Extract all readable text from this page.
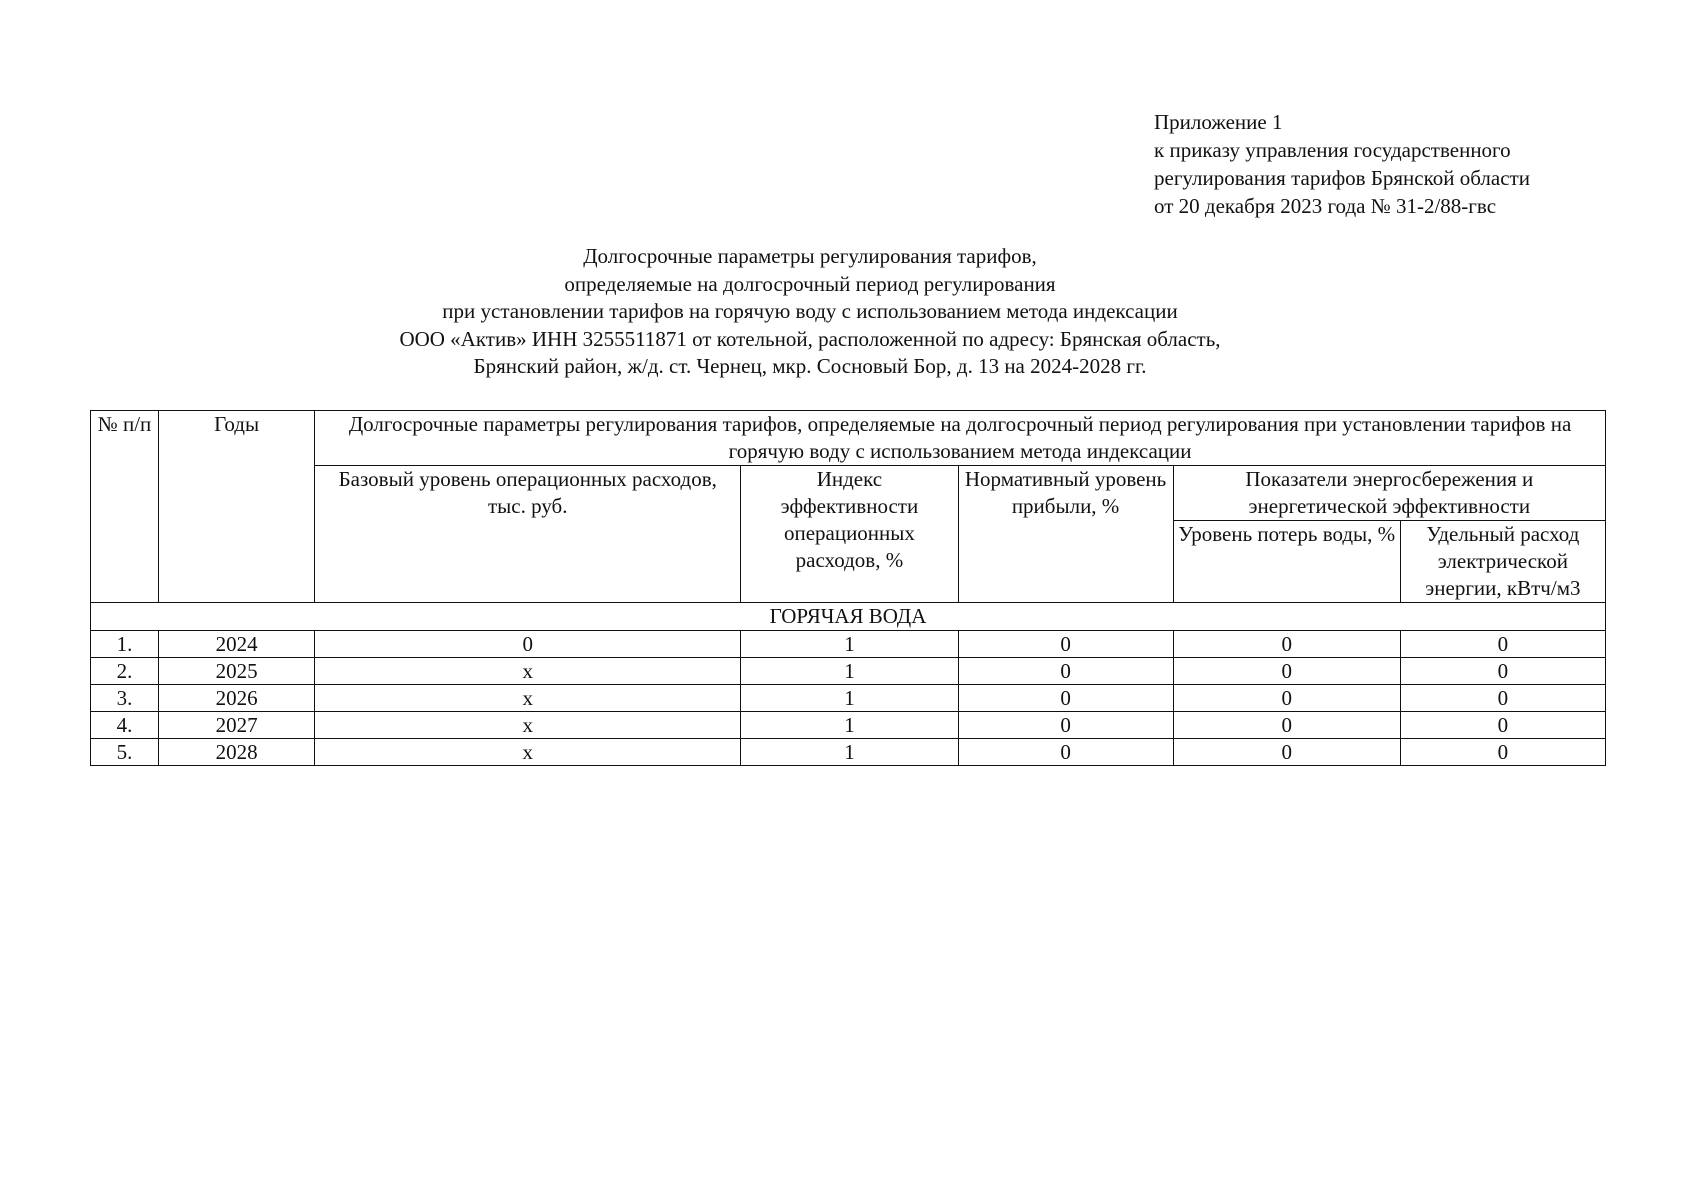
Приложение 1
к приказу управления государственного
регулирования тарифов Брянской области
от 20 декабря 2023 года № 31-2/88-гвс
Долгосрочные параметры регулирования тарифов,
определяемые на долгосрочный период регулирования
при установлении тарифов на горячую воду с использованием метода индексации
ООО «Актив» ИНН 3255511871 от котельной, расположенной по адресу: Брянская область,
Брянский район, ж/д. ст. Чернец, мкр. Сосновый Бор, д. 13 на 2024-2028 гг.
№ п/п	Годы	Долгосрочные параметры регулирования тарифов, определяемые на долгосрочный период регулирования при установлении тарифов на горячую воду с использованием метода индексации				
		Базовый уровень операционных расходов, тыс. руб.	Индекс эффективности операционных расходов, %	Нормативный уровень прибыли, %	Показатели энергосбережения и энергетической эффективности	
					Уровень потерь воды, %	Удельный расход электрической энергии, кВтч/м3
ГОРЯЧАЯ ВОДА						
1.	2024	0	1	0	0	0
2.	2025	х	1	0	0	0
3.	2026	х	1	0	0	0
4.	2027	х	1	0	0	0
5.	2028	х	1	0	0	0
